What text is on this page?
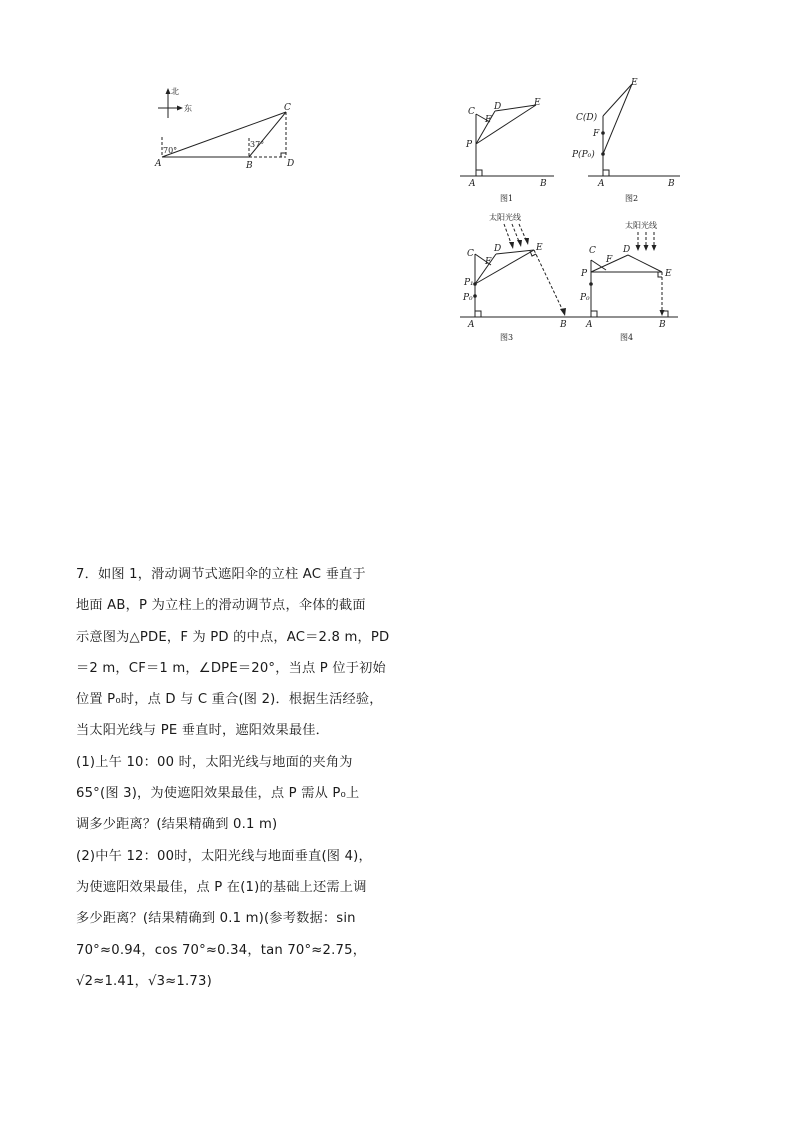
北
东
70°
37°
A	B
C
D
C D	E
F
P
A	B
图1
C(D)
E
F
P(P₀)
A	B
图2
太阳光线
C D	E
F
P₁
P₀
A	B
图3
太阳光线
C	D
E
F
P
P₀
A	B
图4

7．如图 1，滑动调节式遮阳伞的立柱 AC 垂直于

地面 AB，P 为立柱上的滑动调节点，伞体的截面

示意图为△PDE，F 为 PD 的中点，AC＝2.8 m，PD

＝2 m，CF＝1 m，∠DPE＝20°，当点 P 位于初始

位置 P₀时，点 D 与 C 重合(图 2)．根据生活经验，

当太阳光线与 PE 垂直时，遮阳效果最佳．

(1)上午 10：00 时，太阳光线与地面的夹角为

65°(图 3)，为使遮阳效果最佳，点 P 需从 P₀上

调多少距离？(结果精确到 0.1 m)

(2)中午 12：00时，太阳光线与地面垂直(图 4)，

为使遮阳效果最佳，点 P 在(1)的基础上还需上调

多少距离？(结果精确到 0.1 m)(参考数据：sin

70°≈0.94，cos 70°≈0.34，tan 70°≈2.75，

√2≈1.41，√3≈1.73)
